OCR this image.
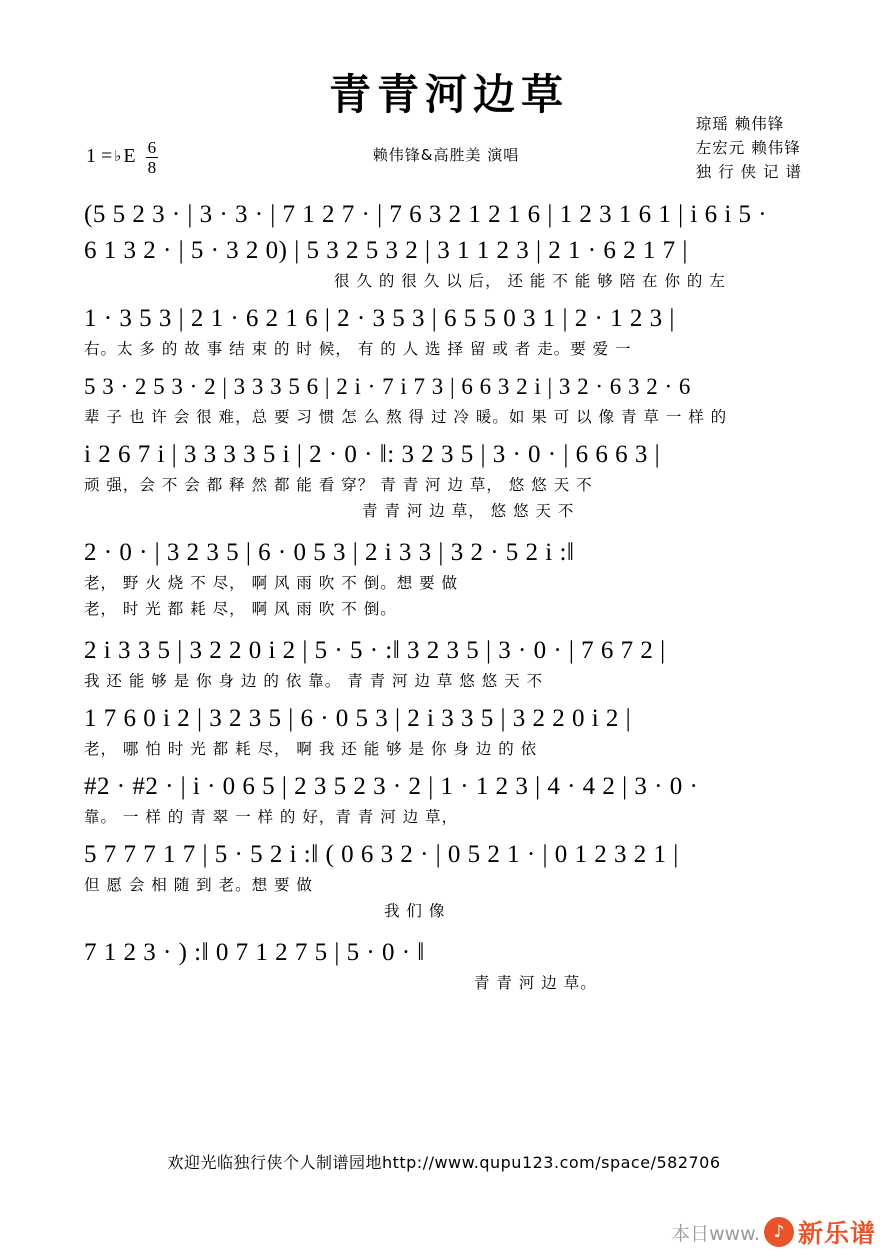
青青河边草
赖伟锋&高胜美 演唱
琼瑶 赖伟锋
左宏元 赖伟锋
独 行 侠 记 谱
1 = ♭ E $\frac{6}{8}$
(5 5 2 3 · | 3 · 3 · | 7 1 2 7 · | 7 6 3 2 1 2 1 6 | 1 2 3 1 6 1 | i 6 i 5 ·
6 1 3 2 · | 5 · 3 2 0) | 5 3 2 5 3 2 | 3 1 1 2 3 | 2 1 · 6 2 1 7 |
很 久 的 很 久 以 后， 还 能 不 能 够 陪 在 你 的 左
1 · 3 5 3 | 2 1 · 6 2 1 6 | 2 · 3 5 3 | 6 5 5 0 3 1 | 2 · 1 2 3 |
右。太 多 的 故 事 结 束 的 时 候， 有 的 人 选 择 留 或 者 走。要 爱 一
5 3 · 2 5 3 · 2 | 3 3 3 5 6 | 2 i · 7 i 7 3 | 6 6 3 2 i | 3 2 · 6 3 2 · 6
辈 子 也 许 会 很 难，总 要 习 惯 怎 么 熬 得 过 冷 暖。如 果 可 以 像 青 草 一 样 的
i 2 6 7 i | 3 3 3 3 5 i | 2 · 0 · ‖: 3 2 3 5 | 3 · 0 · | 6 6 6 3 |
顽 强，会 不 会 都 释 然 都 能 看 穿？ 青 青 河 边 草， 悠 悠 天 不
青 青 河 边 草， 悠 悠 天 不
2 · 0 · | 3 2 3 5 | 6 · 0 5 3 | 2 i 3 3 | 3 2 · 5 2 i :‖
老， 野 火 烧 不 尽， 啊 风 雨 吹 不 倒。想 要 做
老， 时 光 都 耗 尽， 啊 风 雨 吹 不 倒。
2 i 3 3 5 | 3 2 2 0 i 2 | 5 · 5 · :‖ 3 2 3 5 | 3 · 0 · | 7 6 7 2 |
我 还 能 够 是 你 身 边 的 依 靠。 青 青 河 边 草 悠 悠 天 不
1 7 6 0 i 2 | 3 2 3 5 | 6 · 0 5 3 | 2 i 3 3 5 | 3 2 2 0 i 2 |
老， 哪 怕 时 光 都 耗 尽， 啊 我 还 能 够 是 你 身 边 的 依
#2 · #2 · | i · 0 6 5 | 2 3 5 2 3 · 2 | 1 · 1 2 3 | 4 · 4 2 | 3 · 0 ·
靠。 一 样 的 青 翠 一 样 的 好，青 青 河 边 草，
5 7 7 7 1 7 | 5 · 5 2 i :‖ ( 0 6 3 2 · | 0 5 2 1 · | 0 1 2 3 2 1 |
但 愿 会 相 随 到 老。想 要 做
我 们 像
7 1 2 3 · ) :‖ 0 7 1 2 7 5 | 5 · 0 · ‖
青 青 河 边 草。
欢迎光临独行侠个人制谱园地http://www.qupu123.com/space/582706
本日www. ♪ 新乐谱
